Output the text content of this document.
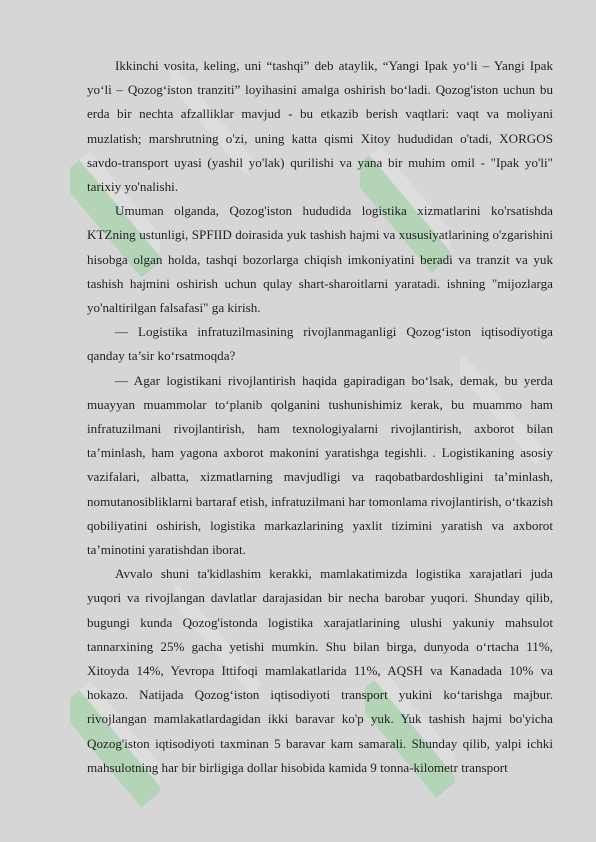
Ikkinchi vosita, keling, uni “tashqi” deb ataylik, “Yangi Ipak yo‘li – Yangi Ipak yo‘li – Qozog‘iston tranziti” loyihasini amalga oshirish bo‘ladi. Qozog'iston uchun bu erda bir nechta afzalliklar mavjud - bu etkazib berish vaqtlari: vaqt va moliyani muzlatish; marshrutning o'zi, uning katta qismi Xitoy hududidan o'tadi, XORGOS savdo-transport uyasi (yashil yo'lak) qurilishi va yana bir muhim omil - "Ipak yo'li" tarixiy yo'nalishi.

Umuman olganda, Qozog'iston hududida logistika xizmatlarini ko'rsatishda KTZning ustunligi, SPFIID doirasida yuk tashish hajmi va xususiyatlarining o'zgarishini hisobga olgan holda, tashqi bozorlarga chiqish imkoniyatini beradi va tranzit va yuk tashish hajmini oshirish uchun qulay shart-sharoitlarni yaratadi. ishning "mijozlarga yo'naltirilgan falsafasi" ga kirish.

— Logistika infratuzilmasining rivojlanmaganligi Qozog‘iston iqtisodiyotiga qanday ta’sir ko‘rsatmoqda?

— Agar logistikani rivojlantirish haqida gapiradigan bo‘lsak, demak, bu yerda muayyan muammolar to‘planib qolganini tushunishimiz kerak, bu muammo ham infratuzilmani rivojlantirish, ham texnologiyalarni rivojlantirish, axborot bilan ta’minlash, ham yagona axborot makonini yaratishga tegishli. . Logistikaning asosiy vazifalari, albatta, xizmatlarning mavjudligi va raqobatbardoshligini ta’minlash, nomutanosibliklarni bartaraf etish, infratuzilmani har tomonlama rivojlantirish, o‘tkazish qobiliyatini oshirish, logistika markazlarining yaxlit tizimini yaratish va axborot ta’minotini yaratishdan iborat.

Avvalo shuni ta'kidlashim kerakki, mamlakatimizda logistika xarajatlari juda yuqori va rivojlangan davlatlar darajasidan bir necha barobar yuqori. Shunday qilib, bugungi kunda Qozog'istonda logistika xarajatlarining ulushi yakuniy mahsulot tannarxining 25% gacha yetishi mumkin. Shu bilan birga, dunyoda o‘rtacha 11%, Xitoyda 14%, Yevropa Ittifoqi mamlakatlarida 11%, AQSH va Kanadada 10% va hokazo. Natijada Qozog‘iston iqtisodiyoti transport yukini ko‘tarishga majbur. rivojlangan mamlakatlardagidan ikki baravar ko'p yuk. Yuk tashish hajmi bo'yicha Qozog'iston iqtisodiyoti taxminan 5 baravar kam samarali. Shunday qilib, yalpi ichki mahsulotning har bir birligiga dollar hisobida kamida 9 tonna-kilometr transport
